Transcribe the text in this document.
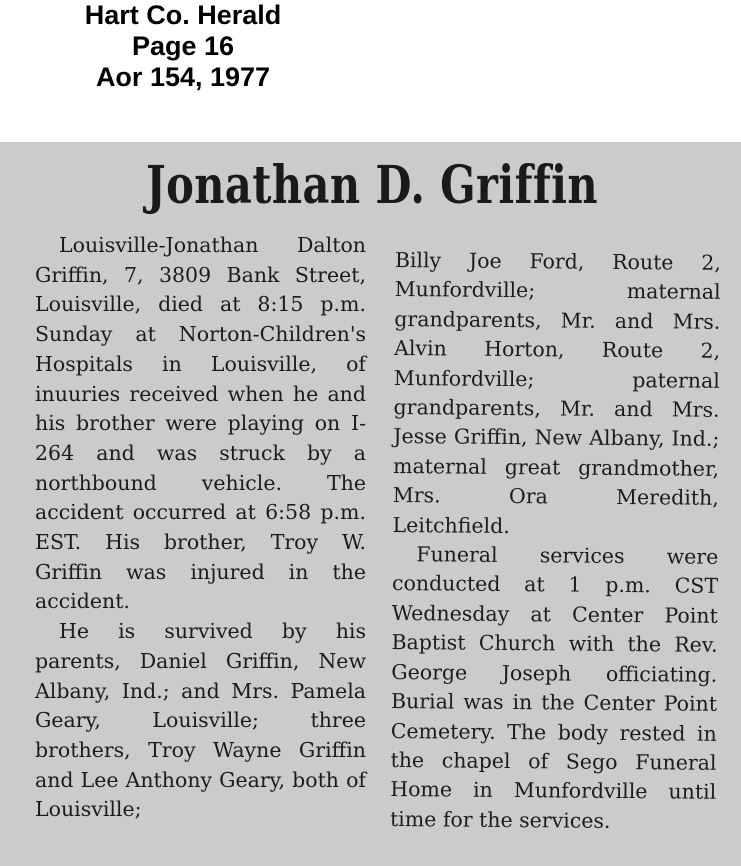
Hart Co. Herald
Page 16
Aor 154, 1977
Jonathan D. Griffin

Louisville-Jonathan Dalton Griffin, 7, 3809 Bank Street, Louisville, died at 8:15 p.m. Sunday at Norton-Children's Hospitals in Louisville, of inuuries received when he and his brother were playing on I-264 and was struck by a northbound vehicle. The accident occurred at 6:58 p.m. EST. His brother, Troy W. Griffin was injured in the accident.

He is survived by his parents, Daniel Griffin, New Albany, Ind.; and Mrs. Pamela Geary, Louisville; three brothers, Troy Wayne Griffin and Lee Anthony Geary, both of Louisville;

Billy Joe Ford, Route 2, Munfordville; maternal grandparents, Mr. and Mrs. Alvin Horton, Route 2, Munfordville; paternal grandparents, Mr. and Mrs. Jesse Griffin, New Albany, Ind.; maternal great grandmother, Mrs. Ora Meredith, Leitchfield.

Funeral services were conducted at 1 p.m. CST Wednesday at Center Point Baptist Church with the Rev. George Joseph officiating. Burial was in the Center Point Cemetery. The body rested in the chapel of Sego Funeral Home in Munfordville until time for the services.
